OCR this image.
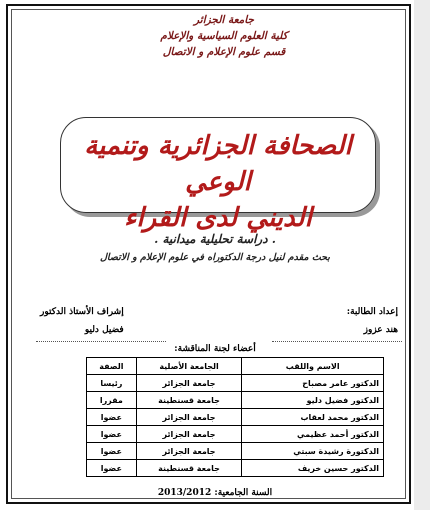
جامعة الجزائر
كلية العلوم السياسية والإعلام
قسم علوم الإعلام و الاتصال
الصحافة الجزائرية وتنمية الوعي
الديني لدى القراء
. دراسة تحليلية ميدانية .
بحث مقدم لنيل درجة الدكتوراه في علوم الإعلام و الاتصال
إعداد الطالبة:
هند عزوز
إشراف الأستاذ الدكتور
فضيل دليو
أعضاء لجنة المناقشة:
الاسم واللقب	الجامعة الأصلية	الصفة
الدكتور عامر مصباح	جامعة الجزائر	رئيسا
الدكتور فضيل دليو	جامعة قسنطينة	مقررا
الدكتور محمد لعقاب	جامعة الجزائر	عضوا
الدكتور أحمد عظيمي	جامعة الجزائر	عضوا
الدكتورة رشيدة سبتي	جامعة الجزائر	عضوا
الدكتور حسين خريف	جامعة قسنطينة	عضوا
السنة الجامعية: 2013/2012
